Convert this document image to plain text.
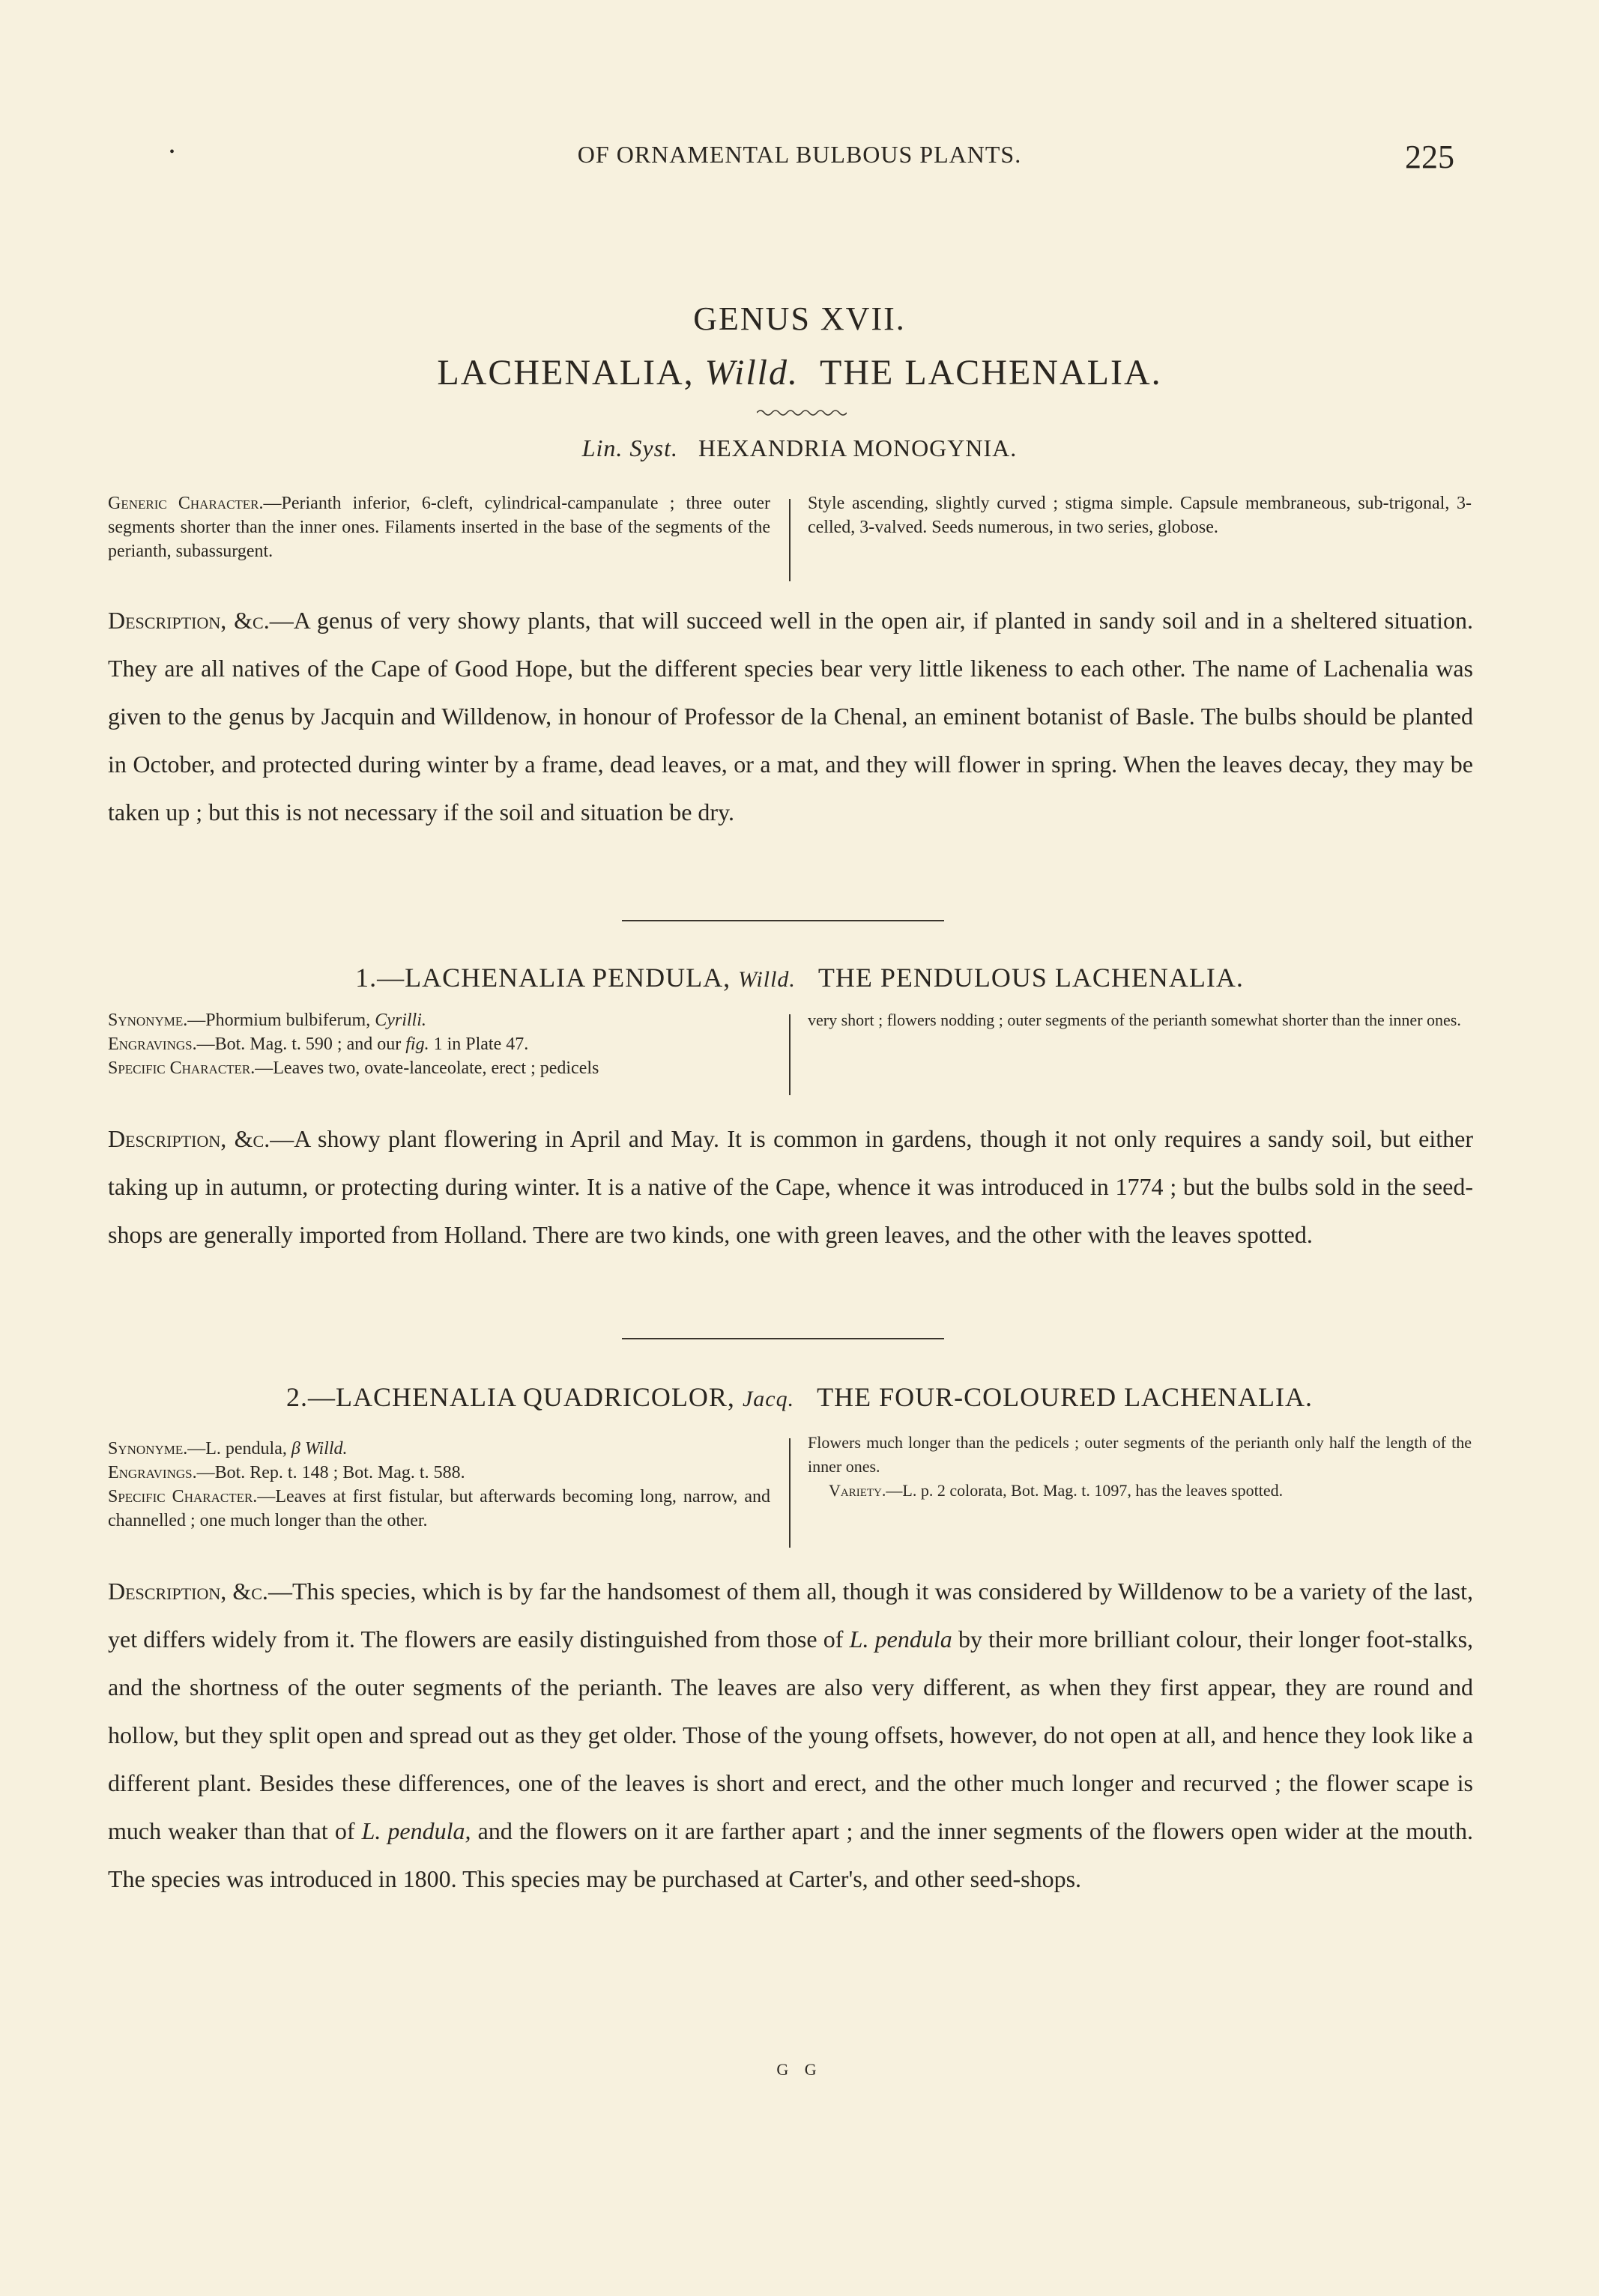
•	OF ORNAMENTAL BULBOUS PLANTS.	225
GENUS XVII.
LACHENALIA, Willd. THE LACHENALIA.
Lin. Syst. HEXANDRIA MONOGYNIA.

Generic Character.—Perianth inferior, 6-cleft, cylindrical-campanulate ; three outer segments shorter than the inner ones. Filaments inserted in the base of the segments of the perianth, subassurgent.

Style ascending, slightly curved ; stigma simple. Capsule membraneous, sub-trigonal, 3-celled, 3-valved. Seeds numerous, in two series, globose.

Description, &c.—A genus of very showy plants, that will succeed well in the open air, if planted in sandy soil and in a sheltered situation. They are all natives of the Cape of Good Hope, but the different species bear very little likeness to each other. The name of Lachenalia was given to the genus by Jacquin and Willdenow, in honour of Professor de la Chenal, an eminent botanist of Basle. The bulbs should be planted in October, and protected during winter by a frame, dead leaves, or a mat, and they will flower in spring. When the leaves decay, they may be taken up ; but this is not necessary if the soil and situation be dry.

1.—LACHENALIA PENDULA, Willd. THE PENDULOUS LACHENALIA.

Synonyme.—Phormium bulbiferum, Cyrilli.

Engravings.—Bot. Mag. t. 590 ; and our fig. 1 in Plate 47.

Specific Character.—Leaves two, ovate-lanceolate, erect ; pedicels

very short ; flowers nodding ; outer segments of the perianth somewhat shorter than the inner ones.

Description, &c.—A showy plant flowering in April and May. It is common in gardens, though it not only requires a sandy soil, but either taking up in autumn, or protecting during winter. It is a native of the Cape, whence it was introduced in 1774 ; but the bulbs sold in the seed-shops are generally imported from Holland. There are two kinds, one with green leaves, and the other with the leaves spotted.

2.—LACHENALIA QUADRICOLOR, Jacq. THE FOUR-COLOURED LACHENALIA.

Synonyme.—L. pendula, β Willd.

Engravings.—Bot. Rep. t. 148 ; Bot. Mag. t. 588.

Specific Character.—Leaves at first fistular, but afterwards becoming long, narrow, and channelled ; one much longer than the other.

Flowers much longer than the pedicels ; outer segments of the perianth only half the length of the inner ones.

Variety.—L. p. 2 colorata, Bot. Mag. t. 1097, has the leaves spotted.

Description, &c.—This species, which is by far the handsomest of them all, though it was considered by Willdenow to be a variety of the last, yet differs widely from it. The flowers are easily distinguished from those of L. pendula by their more brilliant colour, their longer foot-stalks, and the shortness of the outer segments of the perianth. The leaves are also very different, as when they first appear, they are round and hollow, but they split open and spread out as they get older. Those of the young offsets, however, do not open at all, and hence they look like a different plant. Besides these differences, one of the leaves is short and erect, and the other much longer and recurved ; the flower scape is much weaker than that of L. pendula, and the flowers on it are farther apart ; and the inner segments of the flowers open wider at the mouth. The species was introduced in 1800. This species may be purchased at Carter's, and other seed-shops.

G G
